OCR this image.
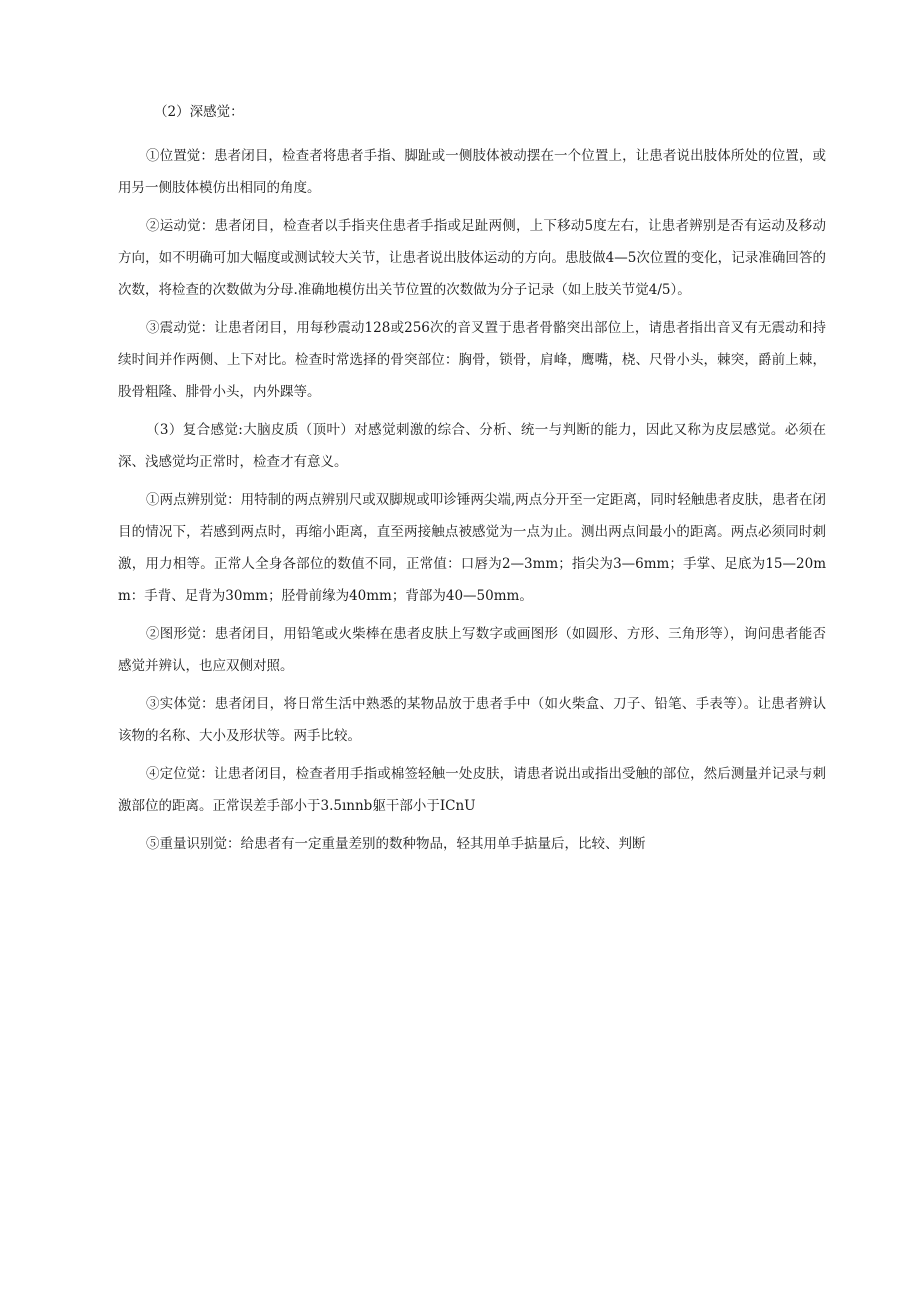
（2）深感觉：

①位置觉：患者闭目，检查者将患者手指、脚趾或一侧肢体被动摆在一个位置上，让患者说出肢体所处的位置，或用另一侧肢体模仿出相同的角度。

②运动觉：患者闭目，检查者以手指夹住患者手指或足趾两侧，上下移动5度左右，让患者辨别是否有运动及移动方向，如不明确可加大幅度或测试较大关节，让患者说出肢体运动的方向。患肢做4—5次位置的变化，记录准确回答的次数，将检查的次数做为分母.准确地模仿出关节位置的次数做为分子记录（如上肢关节觉4/5）。

③震动觉：让患者闭目，用每秒震动128或256次的音叉置于患者骨骼突出部位上，请患者指出音叉有无震动和持续时间并作两侧、上下对比。检查时常选择的骨突部位：胸骨，锁骨，肩峰，鹰嘴，桡、尺骨小头，棘突，爵前上棘，股骨粗隆、腓骨小头，内外踝等。

（3）复合感觉:大脑皮质（顶叶）对感觉刺激的综合、分析、统一与判断的能力，因此又称为皮层感觉。必须在深、浅感觉均正常时，检查才有意义。

①两点辨别觉：用特制的两点辨别尺或双脚规或叩诊锤两尖端,两点分开至一定距离，同时轻触患者皮肤，患者在闭目的情况下，若感到两点时，再缩小距离，直至两接触点被感觉为一点为止。测出两点间最小的距离。两点必须同时刺激，用力相等。正常人全身各部位的数值不同，正常值：口唇为2—3mm；指尖为3—6mm；手掌、足底为15—20mm：手背、足背为30mm；胫骨前缘为40mm；背部为40—50mm。

②图形觉：患者闭目，用铅笔或火柴棒在患者皮肤上写数字或画图形（如圆形、方形、三角形等），询问患者能否感觉并辨认，也应双侧对照。

③实体觉：患者闭目，将日常生活中熟悉的某物品放于患者手中（如火柴盒、刀子、铅笔、手表等）。让患者辨认该物的名称、大小及形状等。两手比较。

④定位觉：让患者闭目，检查者用手指或棉签轻触一处皮肤，请患者说出或指出受触的部位，然后测量并记录与刺激部位的距离。正常误差手部小于3.5ınnb躯干部小于ICnU

⑤重量识别觉：给患者有一定重量差别的数种物品，轻其用单手掂量后，比较、判断
